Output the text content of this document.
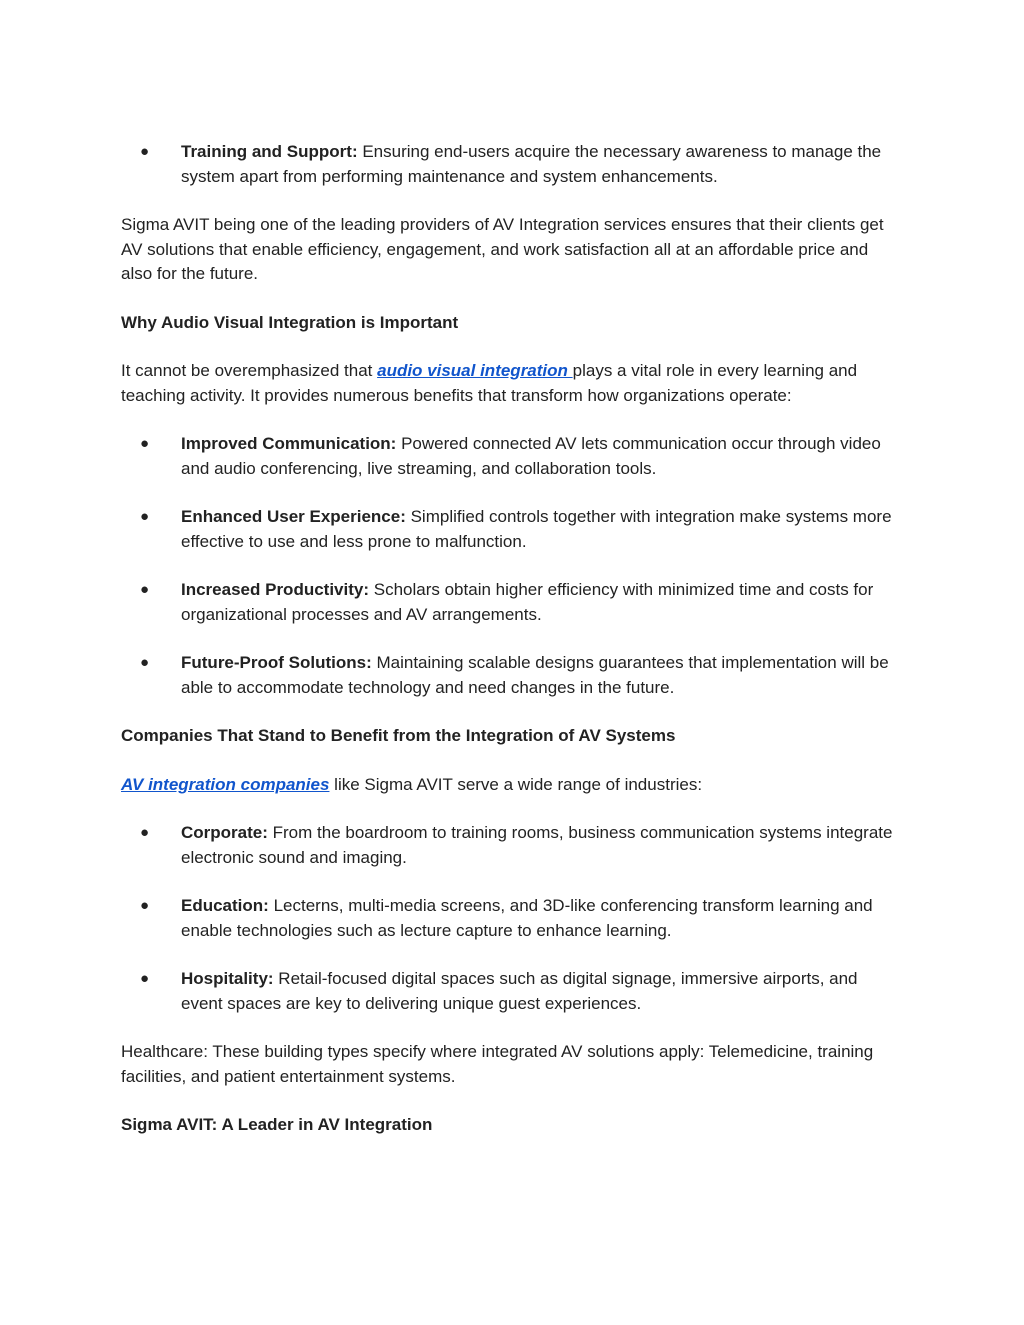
● Training and Support: Ensuring end-users acquire the necessary awareness to manage the system apart from performing maintenance and system enhancements.

Sigma AVIT being one of the leading providers of AV Integration services ensures that their clients get AV solutions that enable efficiency, engagement, and work satisfaction all at an affordable price and also for the future.

Why Audio Visual Integration is Important

It cannot be overemphasized that audio visual integration plays a vital role in every learning and teaching activity. It provides numerous benefits that transform how organizations operate:

● Improved Communication: Powered connected AV lets communication occur through video and audio conferencing, live streaming, and collaboration tools.
● Enhanced User Experience: Simplified controls together with integration make systems more effective to use and less prone to malfunction.
● Increased Productivity: Scholars obtain higher efficiency with minimized time and costs for organizational processes and AV arrangements.
● Future-Proof Solutions: Maintaining scalable designs guarantees that implementation will be able to accommodate technology and need changes in the future.

Companies That Stand to Benefit from the Integration of AV Systems

AV integration companies like Sigma AVIT serve a wide range of industries:

● Corporate: From the boardroom to training rooms, business communication systems integrate electronic sound and imaging.
● Education: Lecterns, multi-media screens, and 3D-like conferencing transform learning and enable technologies such as lecture capture to enhance learning.
● Hospitality: Retail-focused digital spaces such as digital signage, immersive airports, and event spaces are key to delivering unique guest experiences.

Healthcare: These building types specify where integrated AV solutions apply: Telemedicine, training facilities, and patient entertainment systems.

Sigma AVIT: A Leader in AV Integration
